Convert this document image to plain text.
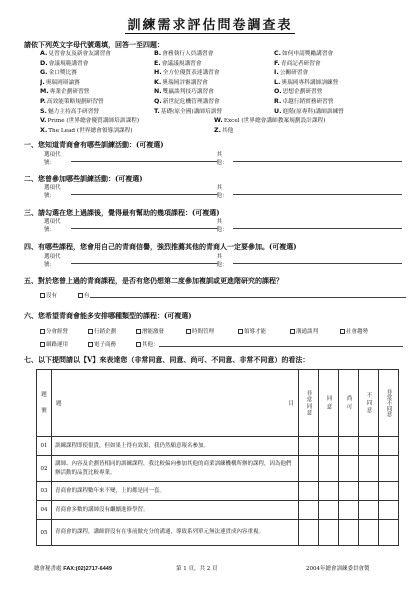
訓練需求評估問卷調查表
請依下列英文字母代號選填，回答一至四題：
A.見習會友及新會友講習會	B.會務執行人員講習會	C.如何申請獎勵講習會
D.會議規範講習會	E.會議議規講習會	F.青商記者研習會
G.金口獎比賽	H.全方位優質表達講習會	I.公關研習會
J.奧瑞岡辯論賽	K.奧瑞岡評審講習會	L.奧瑞岡專科講師訓練營
M.專業企劃研習營	N.雙贏談判技巧講習會	O.思想企劃研習營
P.高效能策略規劃研習營	Q.新世紀危機管理講習會	R.卓越行銷實務研習營
S.魅力主持高手研習營	T.基礎(原全國)講師培訓營	U.進階(原專科)講師訓練營
V.Prime (世界總會優質講師培訓課程)	W.Excel (世界總會講師教案規劃設計課程)
X.The Lead (世界總會領導訓課程)	Z.其他
一、您知道青商會有哪些訓練活動：(可複選)
選項代號：
其他：
二、您曾參加哪些訓練活動：(可複選)
選項代號：
其他：
三、請勾選在您上過課後，覺得最有幫助的幾項課程：(可複選)
選項代號：
其他：
四、有哪些課程，您會用自己的青商信譽，強烈推薦其他的青商人一定要參加。(可複選)
選項代號：
其他：
五、對於您曾上過的青商課程，是否有您仍想第二度參加複訓或更進階研究的課程？
沒有	有
六、您希望青商會能多安排哪種類型的課程：(可複選)
分會經營	行銷企劃	潛能激發	時間管理	領導才能	溝通談判	社會趨勢
網路運用	電子商務	其他：
七、以下提問請以【V】來表達您（非常同意、同意、尚可、不同意、非常不同意）的看法：
題

號	題 目	非常同意	同意	尚可	不同意	非常不同意
01	訓練課程即使很貴，但如果上得有效果，我仍然願意報名參加。					
02	講師、內容及企劃皆相同的訓練課程，我比較偏向參加其他的商業訓練機構所辦的課程，因為他們辦活動的品質比較專業。					
03	青商會的課程數年來不變，上的都是同一套。					
04	青商會多數的講師沒有繼續進修學習。					
05	青商會的課程，講師群沒有在事前做充分的溝通，導致系列單元無法連貫成內容重複。					
總會秘書處 FAX:(02)2717-6449	第 1 頁，共 2 頁	2004年總會訓練委員會製
